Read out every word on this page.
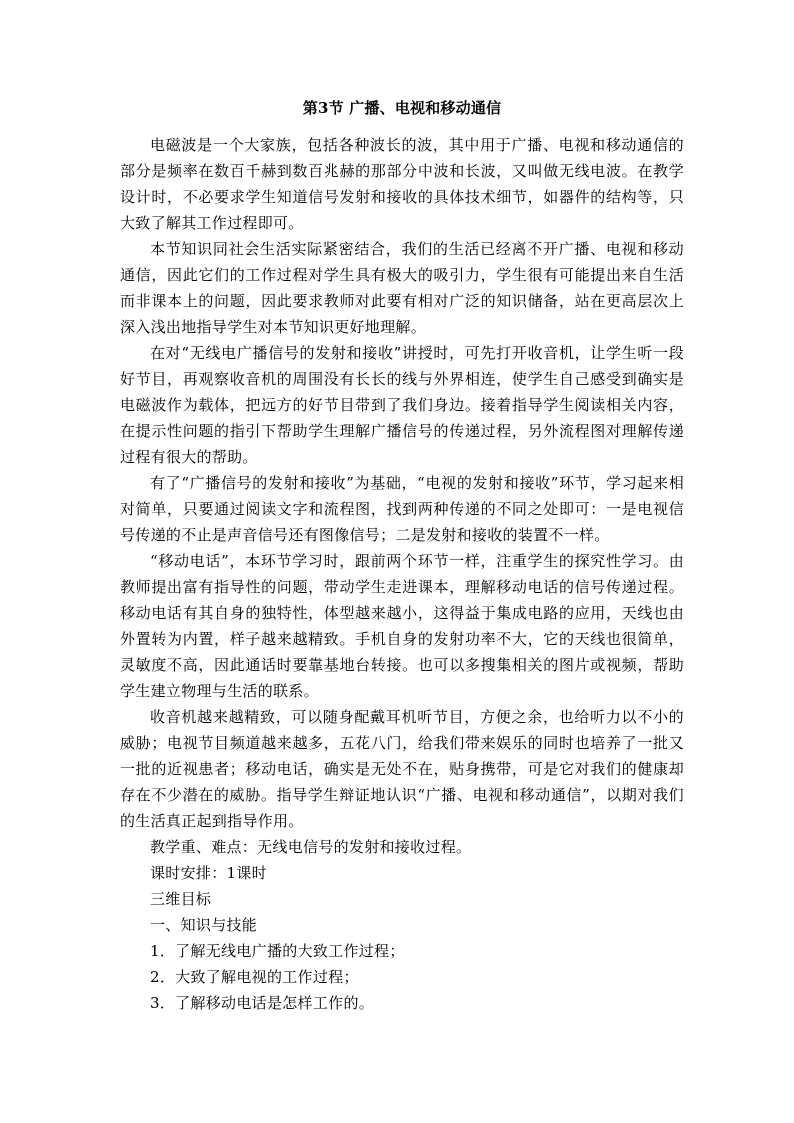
第3节 广播、电视和移动通信

电磁波是一个大家族，包括各种波长的波，其中用于广播、电视和移动通信的部分是频率在数百千赫到数百兆赫的那部分中波和长波，又叫做无线电波。在教学设计时，不必要求学生知道信号发射和接收的具体技术细节，如器件的结构等，只大致了解其工作过程即可。

本节知识同社会生活实际紧密结合，我们的生活已经离不开广播、电视和移动通信，因此它们的工作过程对学生具有极大的吸引力，学生很有可能提出来自生活而非课本上的问题，因此要求教师对此要有相对广泛的知识储备，站在更高层次上深入浅出地指导学生对本节知识更好地理解。

在对“无线电广播信号的发射和接收”讲授时，可先打开收音机，让学生听一段好节目，再观察收音机的周围没有长长的线与外界相连，使学生自己感受到确实是电磁波作为载体，把远方的好节目带到了我们身边。接着指导学生阅读相关内容，在提示性问题的指引下帮助学生理解广播信号的传递过程，另外流程图对理解传递过程有很大的帮助。

有了“广播信号的发射和接收”为基础，“电视的发射和接收”环节，学习起来相对简单，只要通过阅读文字和流程图，找到两种传递的不同之处即可：一是电视信号传递的不止是声音信号还有图像信号；二是发射和接收的装置不一样。

“移动电话”，本环节学习时，跟前两个环节一样，注重学生的探究性学习。由教师提出富有指导性的问题，带动学生走进课本，理解移动电话的信号传递过程。移动电话有其自身的独特性，体型越来越小，这得益于集成电路的应用，天线也由外置转为内置，样子越来越精致。手机自身的发射功率不大，它的天线也很简单，灵敏度不高，因此通话时要靠基地台转接。也可以多搜集相关的图片或视频，帮助学生建立物理与生活的联系。

收音机越来越精致，可以随身配戴耳机听节目，方便之余，也给听力以不小的威胁；电视节目频道越来越多，五花八门，给我们带来娱乐的同时也培养了一批又一批的近视患者；移动电话，确实是无处不在，贴身携带，可是它对我们的健康却存在不少潜在的威胁。指导学生辩证地认识“广播、电视和移动通信”，以期对我们的生活真正起到指导作用。

教学重、难点：无线电信号的发射和接收过程。
课时安排：1课时
三维目标
一、知识与技能
1．了解无线电广播的大致工作过程；
2．大致了解电视的工作过程；
3．了解移动电话是怎样工作的。
